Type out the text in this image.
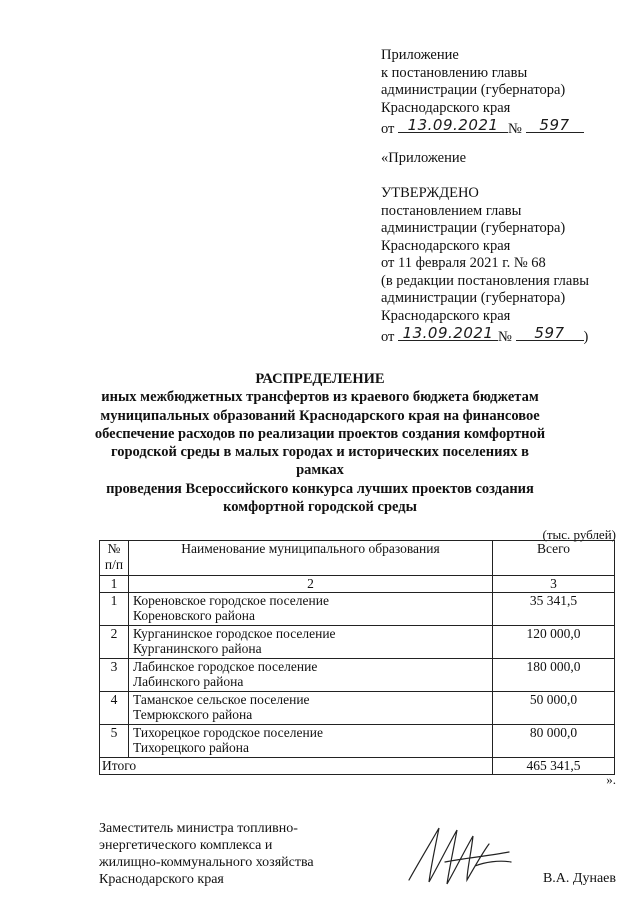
Приложение
к постановлению главы
администрации (губернатора)
Краснодарского края
от 13.09.2021 №	597
«Приложение
УТВЕРЖДЕНО
постановлением главы
администрации (губернатора)
Краснодарского края
от 11 февраля 2021 г. № 68
(в редакции постановления главы
администрации (губернатора)
Краснодарского края
от 13.09.2021 №	597	)
РАСПРЕДЕЛЕНИЕ
иных межбюджетных трансфертов из краевого бюджета бюджетам
муниципальных образований Краснодарского края на финансовое
обеспечение расходов по реализации проектов создания комфортной
городской среды в малых городах и исторических поселениях в рамках
проведения Всероссийского конкурса лучших проектов создания
комфортной городской среды
(тыс. рублей)
№
п/п	Наименование муниципального образования	Всего
1	2	3
1	Кореновское городское поселение
Кореновского района	35 341,5
2	Курганинское городское поселение
Курганинского района	120 000,0
3	Лабинское городское поселение
Лабинского района	180 000,0
4	Таманское сельское поселение
Темрюкского района	50 000,0
5	Тихорецкое городское поселение
Тихорецкого района	80 000,0
Итого		465 341,5
».
Заместитель министра топливно-
энергетического комплекса и
жилищно-коммунального хозяйства
Краснодарского края	В.А. Дунаев
